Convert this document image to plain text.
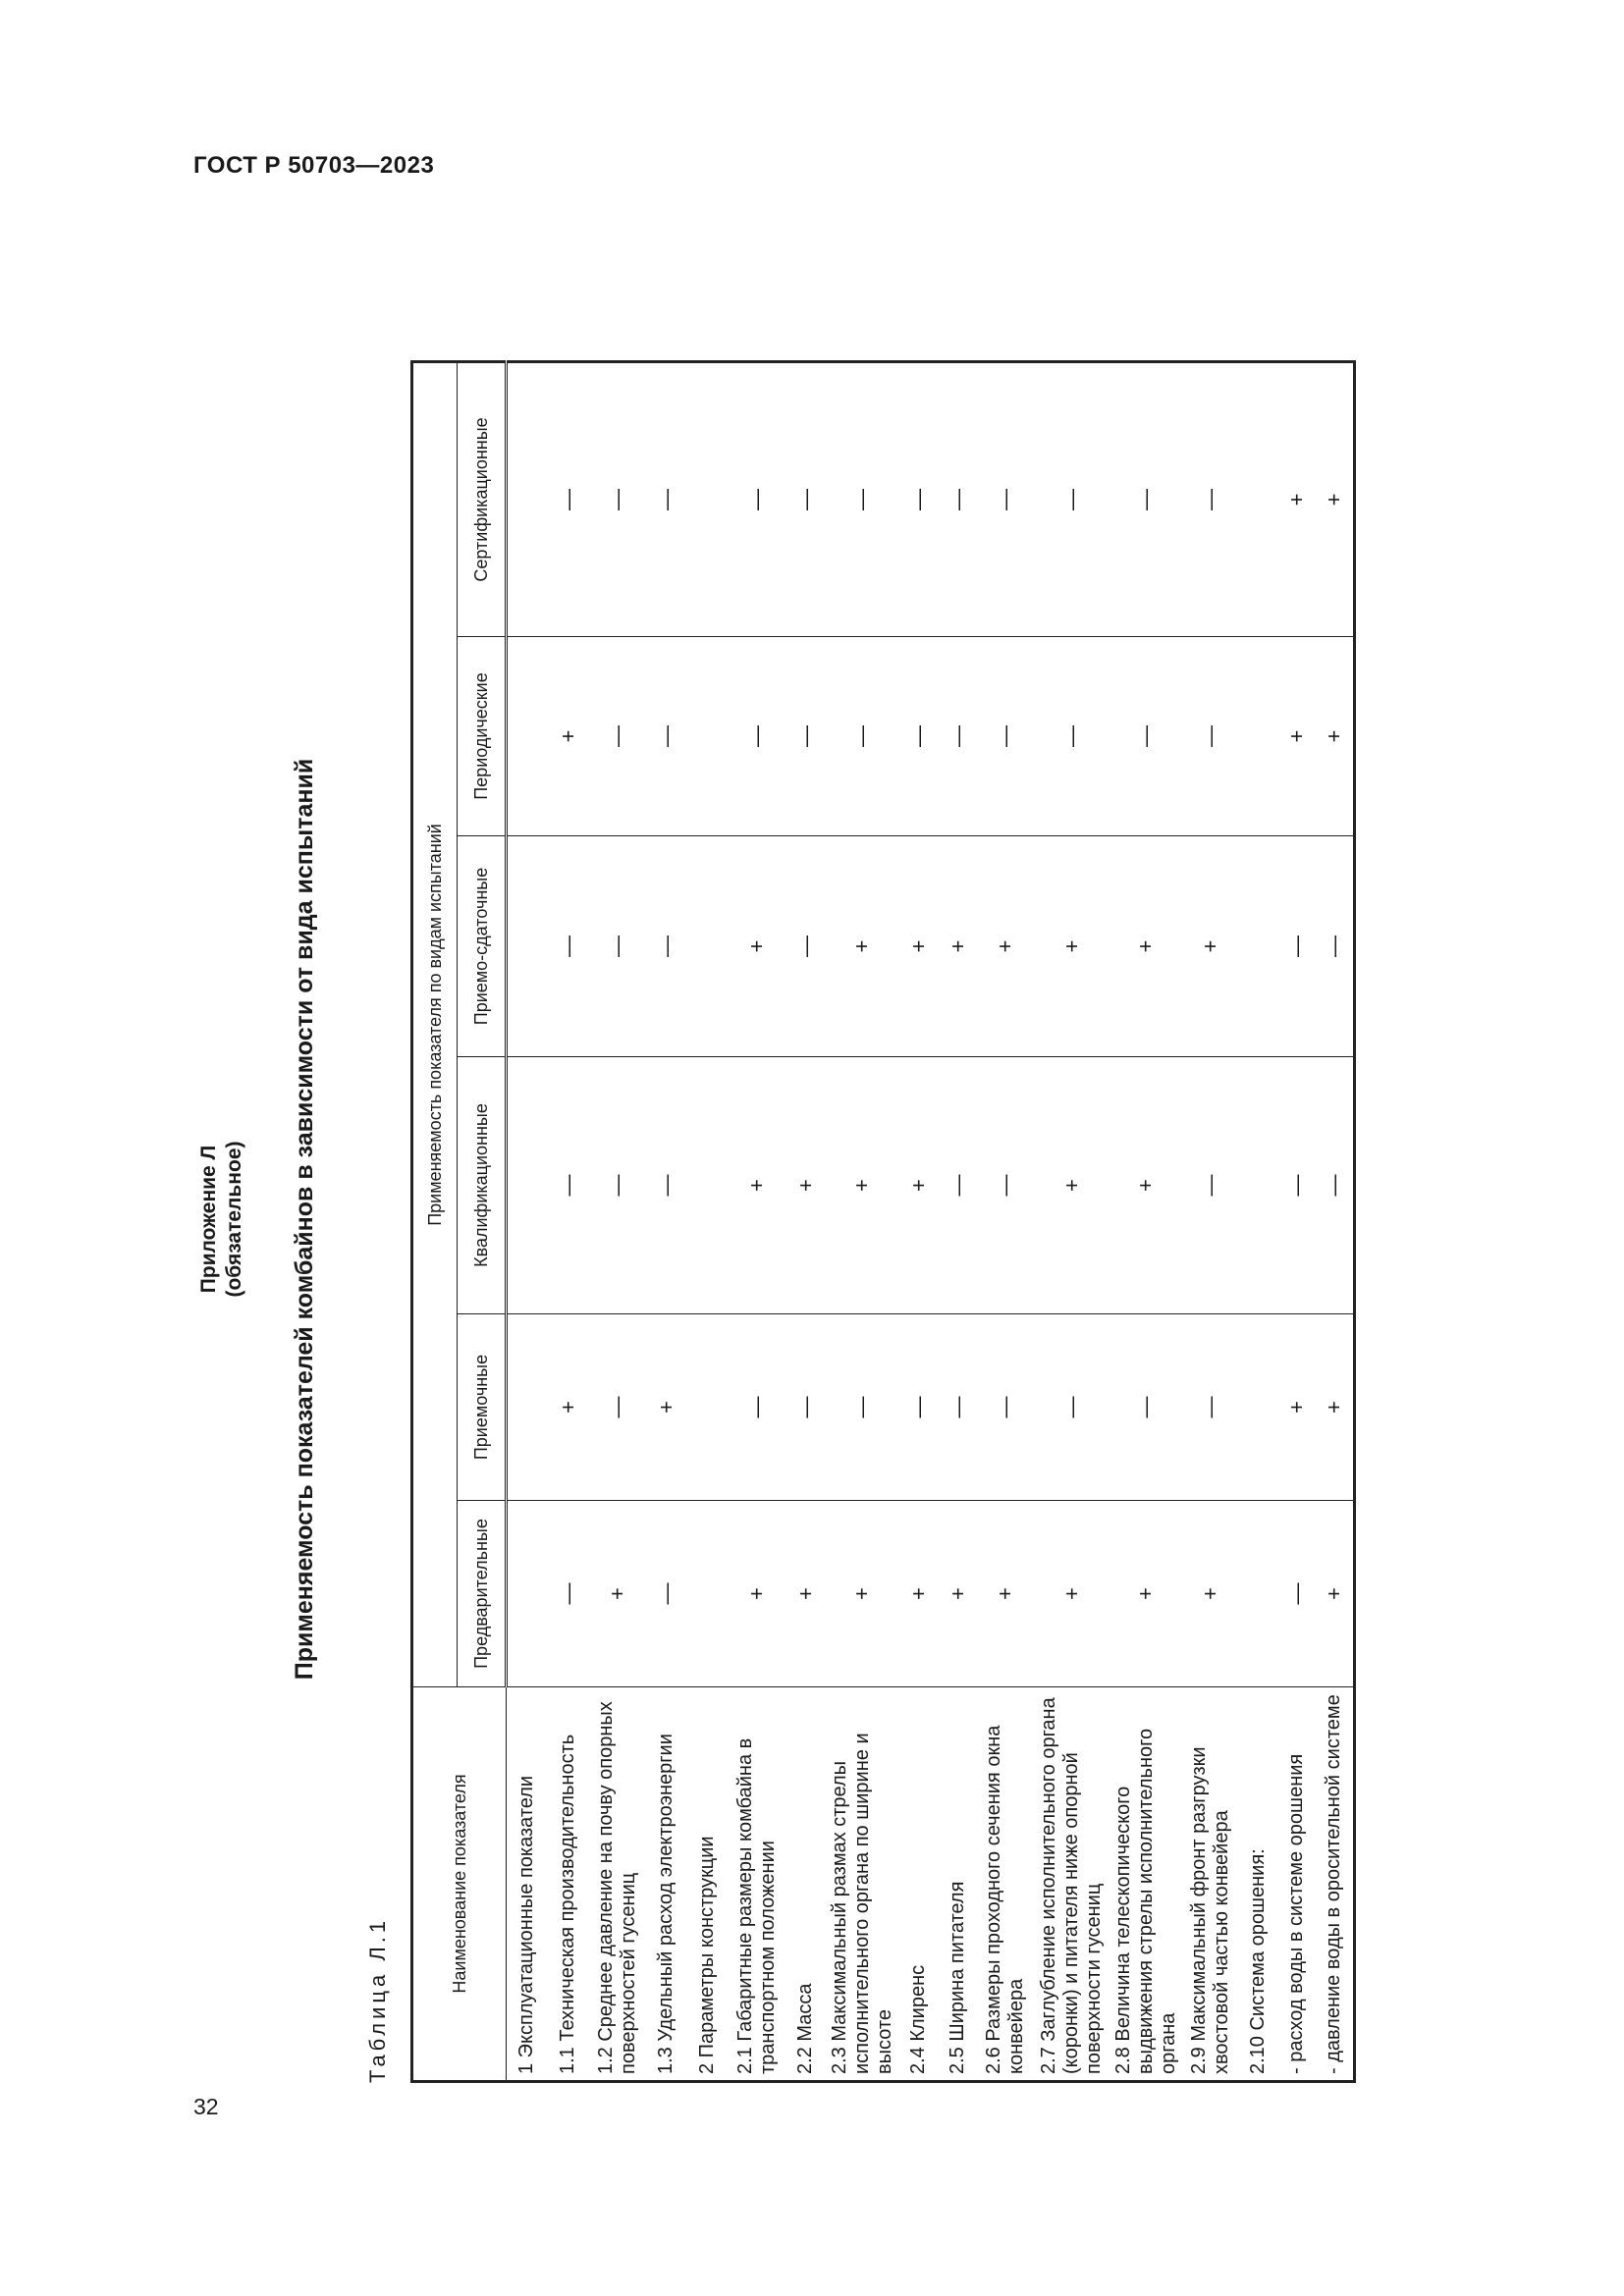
ГОСТ Р 50703—2023
32
Приложение Л (обязательное) Применяемость показателей комбайнов в зависимости от вида испытаний
Таблица Л.1
Наименование показателя	Применяемость показателя по видам испытаний					
	Предварительные	Приемочные	Квалификационные	Приемо-сдаточные	Периодические	Сертификационные
1 Эксплуатационные показатели						
1.1 Техническая производительность	—	+	—	—	+	—
1.2 Среднее давление на почву опорных поверхностей гусениц	+	—	—	—	—	—
1.3 Удельный расход электроэнергии	—	+	—	—	—	—
2 Параметры конструкции						
2.1 Габаритные размеры комбайна в транспортном положении	+	—	+	+	—	—
2.2 Масса	+	—	+	—	—	—
2.3 Максимальный размах стрелы исполнительного органа по ширине и высоте	+	—	+	+	—	—
2.4 Клиренс	+	—	+	+	—	—
2.5 Ширина питателя	+	—	—	+	—	—
2.6 Размеры проходного сечения окна конвейера	+	—	—	+	—	—
2.7 Заглубление исполнительного органа (коронки) и питателя ниже опорной поверхности гусениц	+	—	+	+	—	—
2.8 Величина телескопического выдвижения стрелы исполнительного органа	+	—	+	+	—	—
2.9 Максимальный фронт разгрузки хвостовой частью конвейера	+	—	—	+	—	—
2.10 Система орошения:						
- расход воды в системе орошения	—	+	—	—	+	+
- давление воды в оросительной системе	+	+	—	—	+	+
